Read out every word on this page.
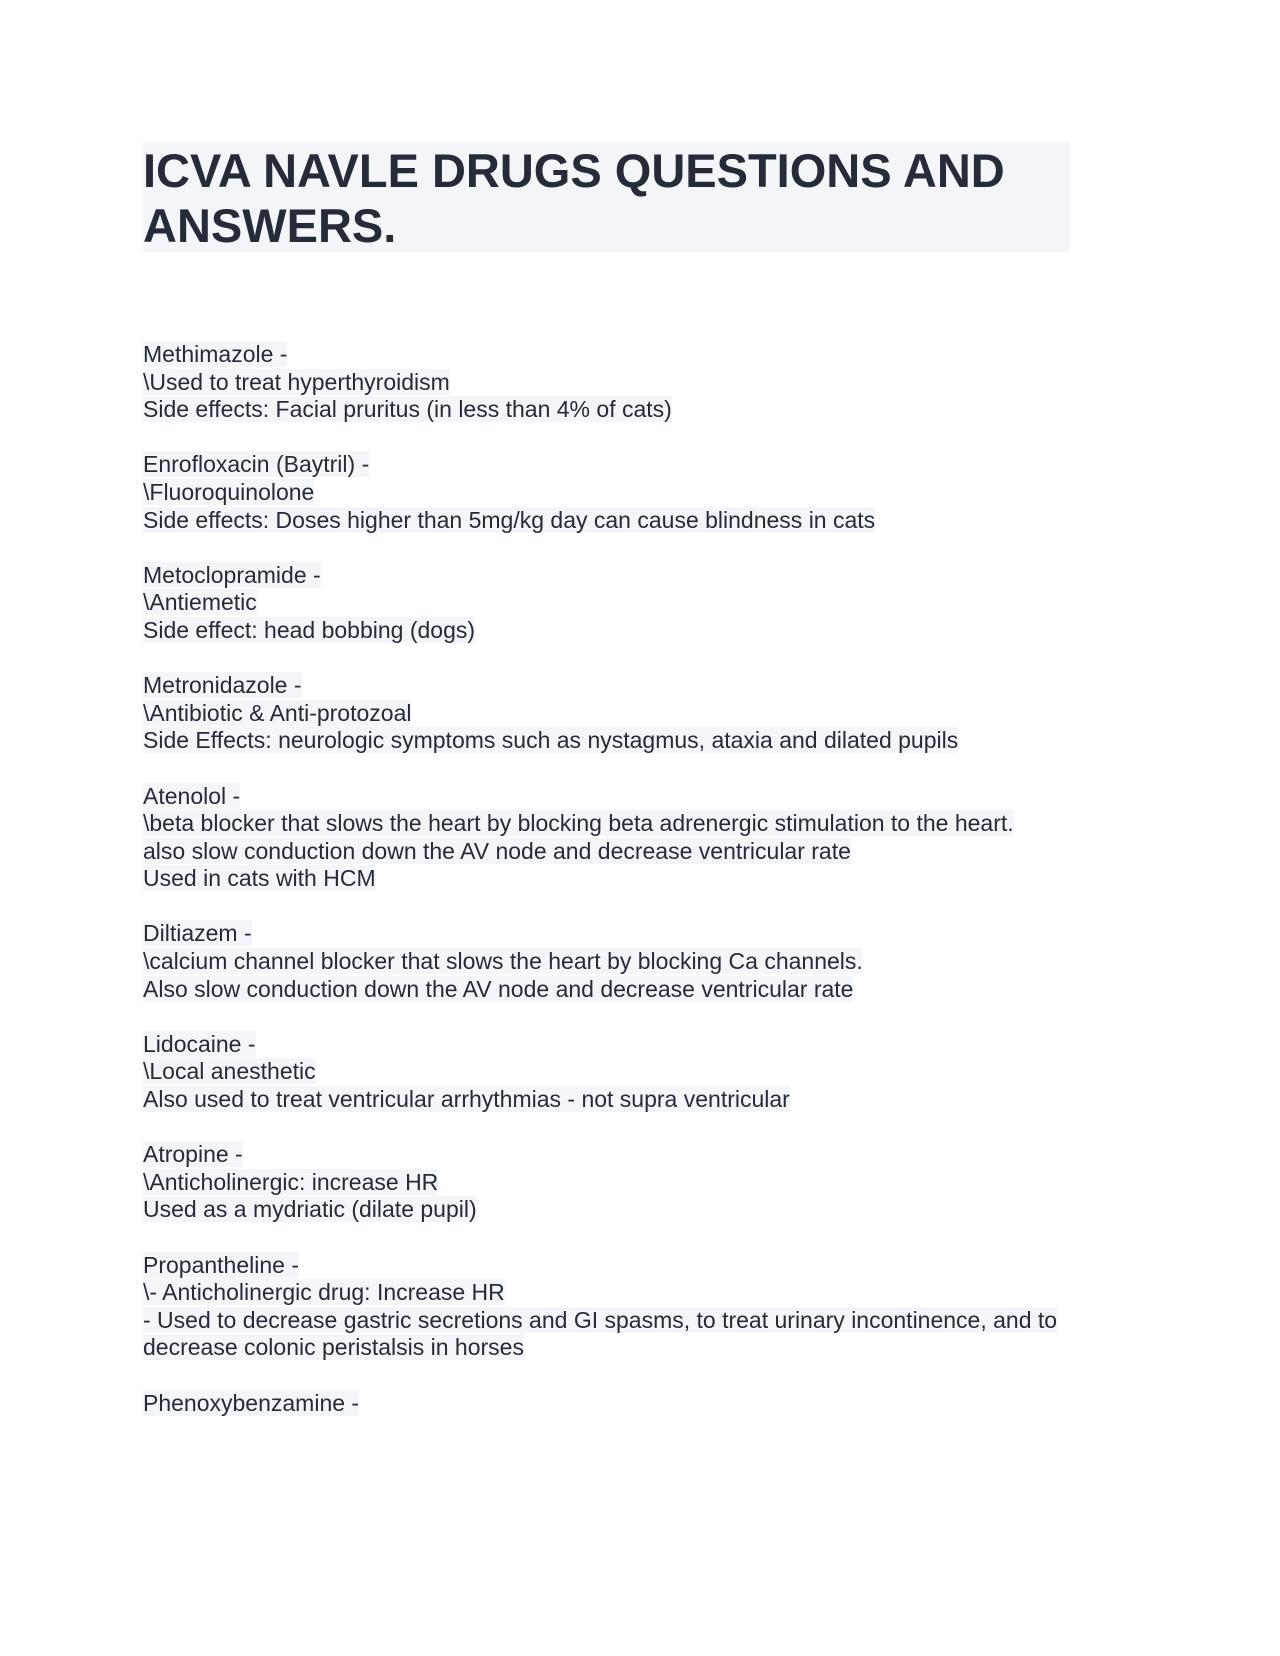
ICVA NAVLE DRUGS QUESTIONS AND ANSWERS.
Methimazole -
\Used to treat hyperthyroidism
Side effects: Facial pruritus (in less than 4% of cats)
Enrofloxacin (Baytril) -
\Fluoroquinolone
Side effects: Doses higher than 5mg/kg day can cause blindness in cats
Metoclopramide -
\Antiemetic
Side effect: head bobbing (dogs)
Metronidazole -
\Antibiotic & Anti-protozoal
Side Effects: neurologic symptoms such as nystagmus, ataxia and dilated pupils
Atenolol -
\beta blocker that slows the heart by blocking beta adrenergic stimulation to the heart.
also slow conduction down the AV node and decrease ventricular rate
Used in cats with HCM
Diltiazem -
\calcium channel blocker that slows the heart by blocking Ca channels.
Also slow conduction down the AV node and decrease ventricular rate
Lidocaine -
\Local anesthetic
Also used to treat ventricular arrhythmias - not supra ventricular
Atropine -
\Anticholinergic: increase HR
Used as a mydriatic (dilate pupil)
Propantheline -
\- Anticholinergic drug: Increase HR
- Used to decrease gastric secretions and GI spasms, to treat urinary incontinence, and to decrease colonic peristalsis in horses
Phenoxybenzamine -
